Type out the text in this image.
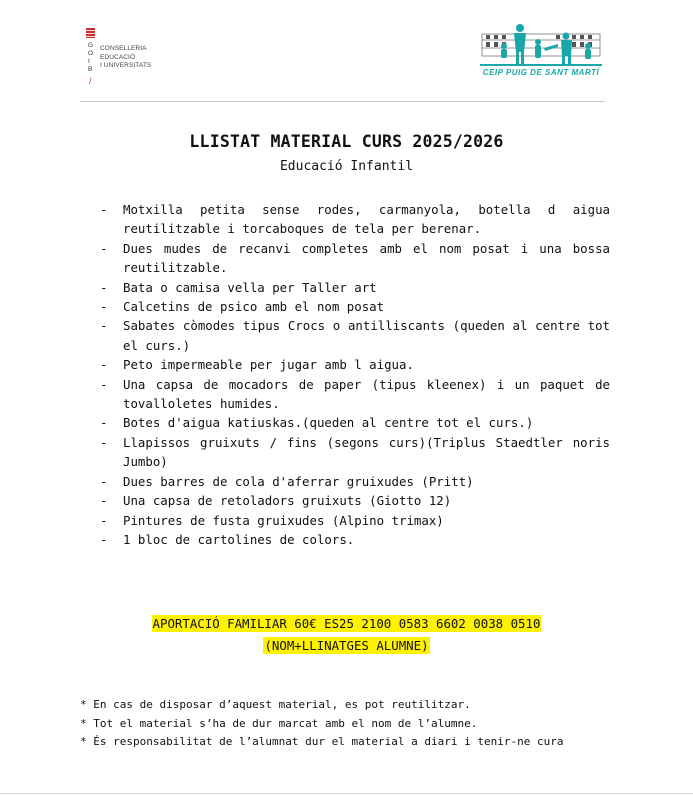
G
O
I
B
/
CONSELLERIA
EDUCACIÓ
I UNIVERSITATS
CEIP PUIG DE SANT MARTÍ
LLISTAT MATERIAL CURS 2025/2026
Educació Infantil
- Motxilla petita sense rodes, carmanyola, botella d aigua reutilitzable i torcaboques de tela per berenar.
- Dues mudes de recanvi completes amb el nom posat i una bossa reutilitzable.
- Bata o camisa vella per Taller art
- Calcetins de psico amb el nom posat
- Sabates còmodes tipus Crocs o antilliscants (queden al centre tot el curs.)
- Peto impermeable per jugar amb l aigua.
- Una capsa de mocadors de paper (tipus kleenex) i un paquet de tovalloletes humides.
- Botes d'aigua katiuskas.(queden al centre tot el curs.)
- Llapissos gruixuts / fins (segons curs)(Triplus Staedtler noris Jumbo)
- Dues barres de cola d'aferrar gruixudes (Pritt)
- Una capsa de retoladors gruixuts (Giotto 12)
- Pintures de fusta gruixudes (Alpino trimax)
- 1 bloc de cartolines de colors.
APORTACIÓ FAMILIAR 60€ ES25 2100 0583 6602 0038 0510
(NOM+LLINATGES ALUMNE)
* En cas de disposar d’aquest material, es pot reutilitzar.
* Tot el material s’ha de dur marcat amb el nom de l’alumne.
* És responsabilitat de l’alumnat dur el material a diari i tenir-ne cura
